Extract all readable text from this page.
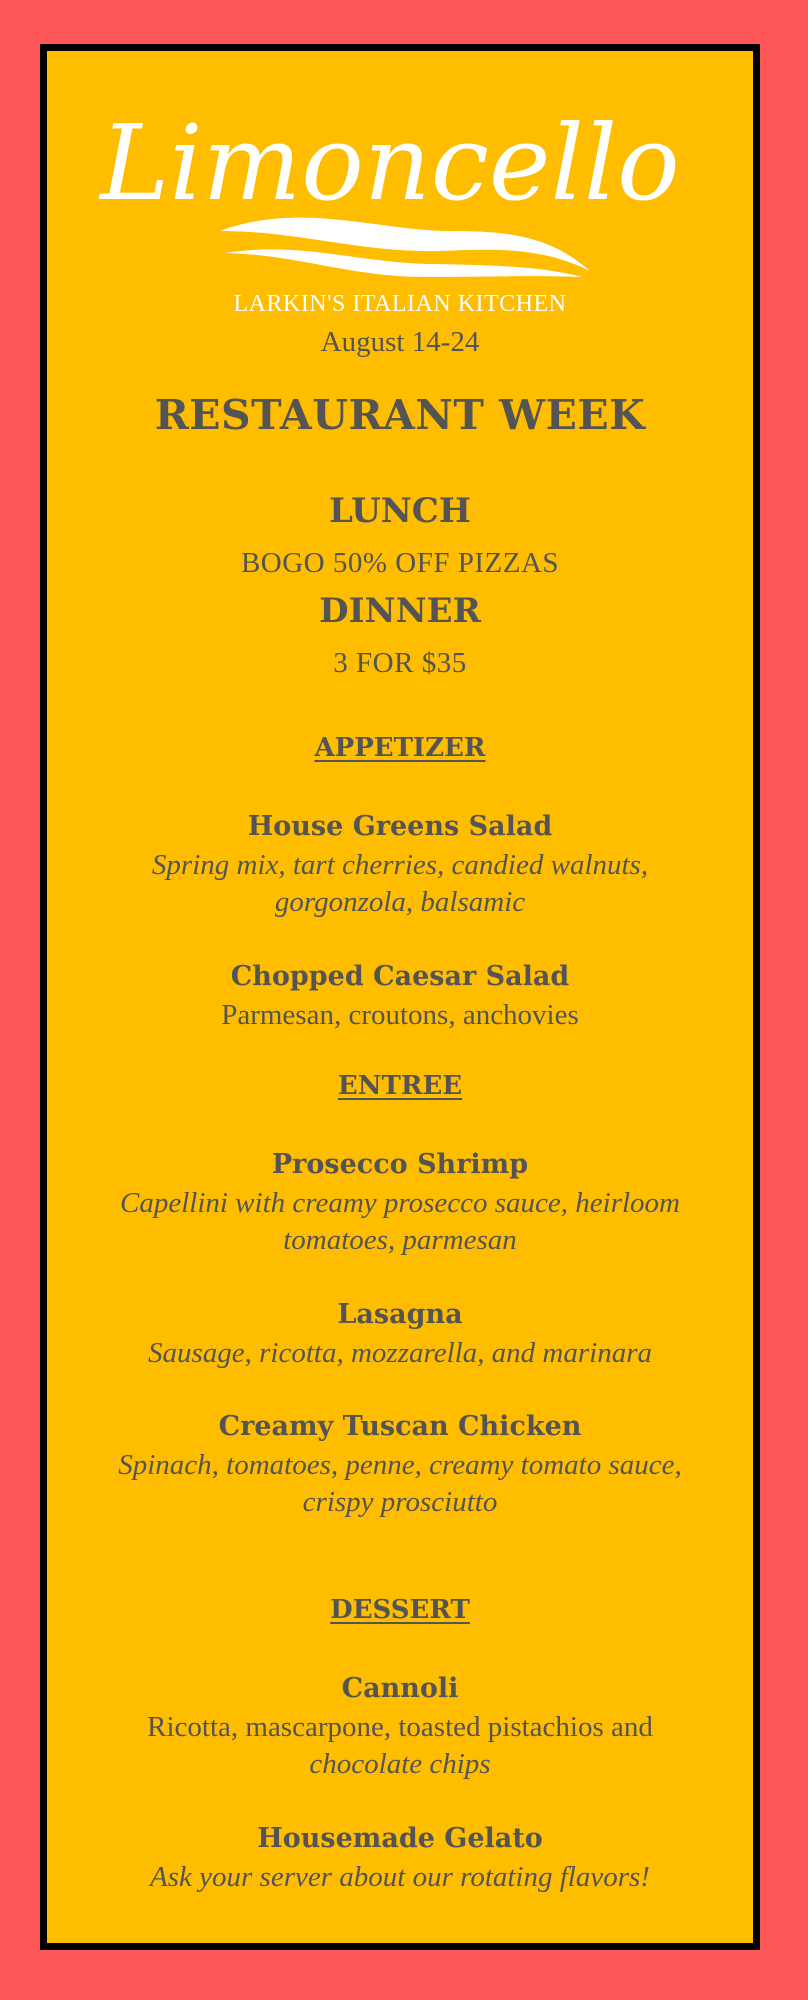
Limoncello
LARKIN'S ITALIAN KITCHEN
August 14-24
RESTAURANT WEEK
LUNCH
BOGO 50% OFF PIZZAS
DINNER
3 FOR $35
APPETIZER
House Greens Salad
Spring mix, tart cherries, candied walnuts,
gorgonzola, balsamic
Chopped Caesar Salad
Parmesan, croutons, anchovies
ENTREE
Prosecco Shrimp
Capellini with creamy prosecco sauce, heirloom
tomatoes, parmesan
Lasagna
Sausage, ricotta, mozzarella, and marinara
Creamy Tuscan Chicken
Spinach, tomatoes, penne, creamy tomato sauce,
crispy prosciutto
DESSERT
Cannoli
Ricotta, mascarpone, toasted pistachios and
chocolate chips
Housemade Gelato
Ask your server about our rotating flavors!
